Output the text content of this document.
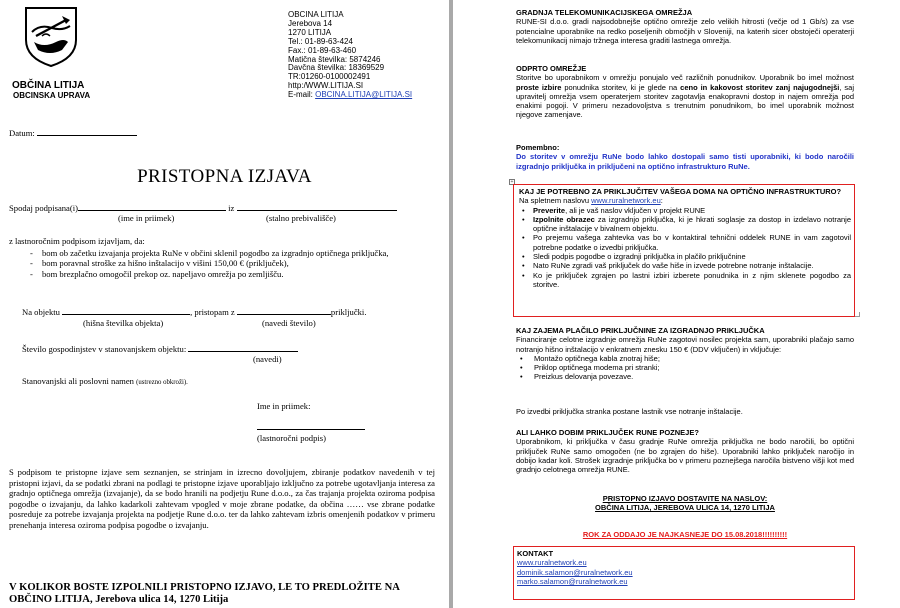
OBČINA LITIJA
OBCINSKA UPRAVA
OBCINA LITIJA
Jerebova 14
1270 LITIJA
Tel.: 01-89-63-424
Fax.: 01-89-63-460
Matična številka: 5874246
Davčna številka: 18369529
TR:01260-0100002491
http:/WWW.LITIJA.SI
E-mail: OBCINA.LITIJA@LITIJA.SI
Datum:
PRISTOPNA IZJAVA
Spodaj podpisana(i)	iz
(ime in priimek)	(stalno prebivališče)
z lastnoročnim podpisom izjavljam, da:
- bom ob začetku izvajanja projekta RuNe v občini sklenil pogodbo za izgradnjo optičnega priključka,
- bom poravnal stroške za hišno inštalacijo v višini 150,00 € (priključek),
- bom brezplačno omogočil prekop oz. napeljavo omrežja po zemljišču.
Na objektu	, pristopam z	priključki.
(hišna številka objekta)	(navedi število)
Število gospodinjstev v stanovanjskem objektu:
(navedi)
Stanovanjski ali poslovni namen (ustrezno obkroži).
Ime in priimek:
(lastnoročni podpis)
S podpisom te pristopne izjave sem seznanjen, se strinjam in izrecno dovoljujem, zbiranje podatkov navedenih v tej pristopni izjavi, da se podatki zbrani na podlagi te pristopne izjave uporabljajo izključno za potrebe ugotavljanja interesa za gradnjo optičnega omrežja (izvajanje), da se bodo hranili na podjetju Rune d.o.o., za čas trajanja projekta oziroma podpisa pogodbe o izvajanju, da lahko kadarkoli zahtevam vpogled v moje zbrane podatke, da občina …… vse zbrane podatke posreduje za potrebe izvajanja projekta na podjetje Rune d.o.o. ter da lahko zahtevam izbris omenjenih podatkov v primeru prenehanja interesa oziroma podpisa pogodbe o izvajanju.
V KOLIKOR BOSTE IZPOLNILI PRISTOPNO IZJAVO, LE TO PREDLOŽITE NA OBČINO LITIJA, Jerebova ulica 14, 1270 Litija
GRADNJA TELEKOMUNIKACIJSKEGA OMREŽJA

RUNE-SI d.o.o. gradi najsodobnejše optično omrežje zelo velikih hitrosti (večje od 1 Gb/s) za vse potencialne uporabnike na redko poseljenih območjih v Sloveniji, na katerih sicer obstoječi operaterji telekomunikacij nimajo tržnega interesa graditi lastnega omrežja.

ODPRTO OMREŽJE

Storitve bo uporabnikom v omrežju ponujalo več različnih ponudnikov. Uporabnik bo imel možnost proste izbire ponudnika storitev, ki je glede na ceno in kakovost storitev zanj najugodnejši, saj upravitelj omrežja vsem operaterjem storitev zagotavlja enakopravni dostop in najem omrežja pod enakimi pogoji. V primeru nezadovoljstva s trenutnim ponudnikom, bo imel uporabnik možnost njegove zamenjave.

Pomembno:

Do storitev v omrežju RuNe bodo lahko dostopali samo tisti uporabniki, ki bodo naročili izgradnjo priključka in priključeni na optično infrastrukturo RuNe.

+
KAJ JE POTREBNO ZA PRIKLJUČITEV VAŠEGA DOMA NA OPTIČNO INFRASTRUKTURO?
Na spletnem naslovu www.ruralnetwork.eu:
• Preverite, ali je vaš naslov vključen v projekt RUNE
• Izpolnite obrazec za izgradnjo priključka, ki je hkrati soglasje za dostop in izdelavo notranje optične inštalacije v bivalnem objektu.
• Po prejemu vašega zahtevka vas bo v kontaktiral tehnični oddelek RUNE in vam zagotovil potrebne podatke o izvedbi priključka.
• Sledi podpis pogodbe o izgradnji priključka in plačilo priključnine
• Nato RuNe zgradi vaš priključek do vaše hiše in izvede potrebne notranje inštalacije.
• Ko je priključek zgrajen po lastni izbiri izberete ponudnika in z njim sklenete pogodbo za storitve.
KAJ ZAJEMA PLAČILO PRIKLJUČNINE ZA IZGRADNJO PRIKLJUČKA

Financiranje celotne izgradnje omrežja RuNe zagotovi nosilec projekta sam, uporabniki plačajo samo notranjo hišno inštalacijo v enkratnem znesku 150 € (DDV vključen) in vključuje:

• Montažo optičnega kabla znotraj hiše;
• Priklop optičnega modema pri stranki;
• Preizkus delovanja povezave.
Po izvedbi priključka stranka postane lastnik vse notranje inštalacije.
ALI LAHKO DOBIM PRIKLJUČEK RUNE POZNEJE?

Uporabnikom, ki priključka v času gradnje RuNe omrežja priključka ne bodo naročili, bo optični priključek RuNe samo omogočen (ne bo zgrajen do hiše). Uporabniki lahko priključek naročijo in dobijo kadar koli. Strošek izgradnje priključka bo v primeru poznejšega naročila bistveno višji kot med gradnjo celotnega omrežja RUNE.

PRISTOPNO IZJAVO DOSTAVITE NA NASLOV:
OBČINA LITIJA, JEREBOVA ULICA 14, 1270 LITIJA
ROK ZA ODDAJO JE NAJKASNEJE DO 15.08.2018!!!!!!!!!!
KONTAKT
www.ruralnetwork.eu
dominik.salamon@ruralnetwork.eu
marko.salamon@ruralnetwork.eu
